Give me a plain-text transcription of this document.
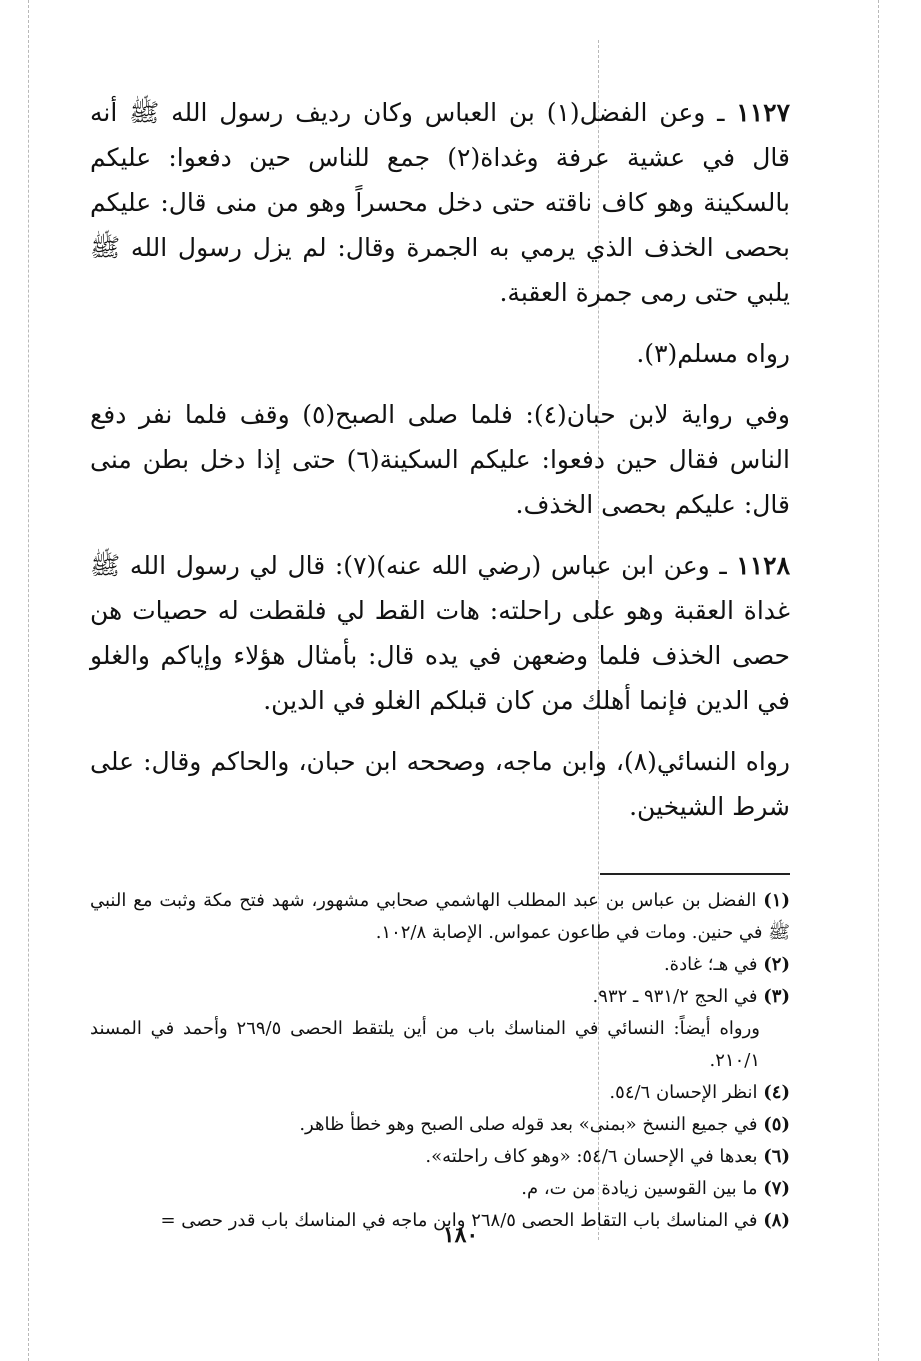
١١٢٧ ـ وعن الفضل(١) بن العباس وكان رديف رسول الله ﷺ أنه قال في عشية عرفة وغداة(٢) جمع للناس حين دفعوا: عليكم بالسكينة وهو كاف ناقته حتى دخل محسراً وهو من منى قال: عليكم بحصى الخذف الذي يرمي به الجمرة وقال: لم يزل رسول الله ﷺ يلبي حتى رمى جمرة العقبة.

رواه مسلم(٣).

وفي رواية لابن حبان(٤): فلما صلى الصبح(٥) وقف فلما نفر دفع الناس فقال حين دفعوا: عليكم السكينة(٦) حتى إذا دخل بطن منى قال: عليكم بحصى الخذف.

١١٢٨ ـ وعن ابن عباس (رضي الله عنه)(٧): قال لي رسول الله ﷺ غداة العقبة وهو على راحلته: هات القط لي فلقطت له حصيات هن حصى الخذف فلما وضعهن في يده قال: بأمثال هؤلاء وإياكم والغلو في الدين فإنما أهلك من كان قبلكم الغلو في الدين.

رواه النسائي(٨)، وابن ماجه، وصححه ابن حبان، والحاكم وقال: على شرط الشيخين.

(١) الفضل بن عباس بن عبد المطلب الهاشمي صحابي مشهور، شهد فتح مكة وثبت مع النبي ﷺ في حنين. ومات في طاعون عمواس. الإصابة ١٠٢/٨.

(٢) في هـ؛ غادة.

(٣) في الحج ٩٣١/٢ ـ ٩٣٢.

ورواه أيضاً: النسائي في المناسك باب من أين يلتقط الحصى ٢٦٩/٥ وأحمد في المسند ٢١٠/١.

(٤) انظر الإحسان ٥٤/٦.

(٥) في جميع النسخ «بمنى» بعد قوله صلى الصبح وهو خطأ ظاهر.

(٦) بعدها في الإحسان ٥٤/٦: «وهو كاف راحلته».

(٧) ما بين القوسين زيادة من ت، م.

(٨) في المناسك باب التقاط الحصى ٢٦٨/٥ وابن ماجه في المناسك باب قدر حصى =

١٨٠
